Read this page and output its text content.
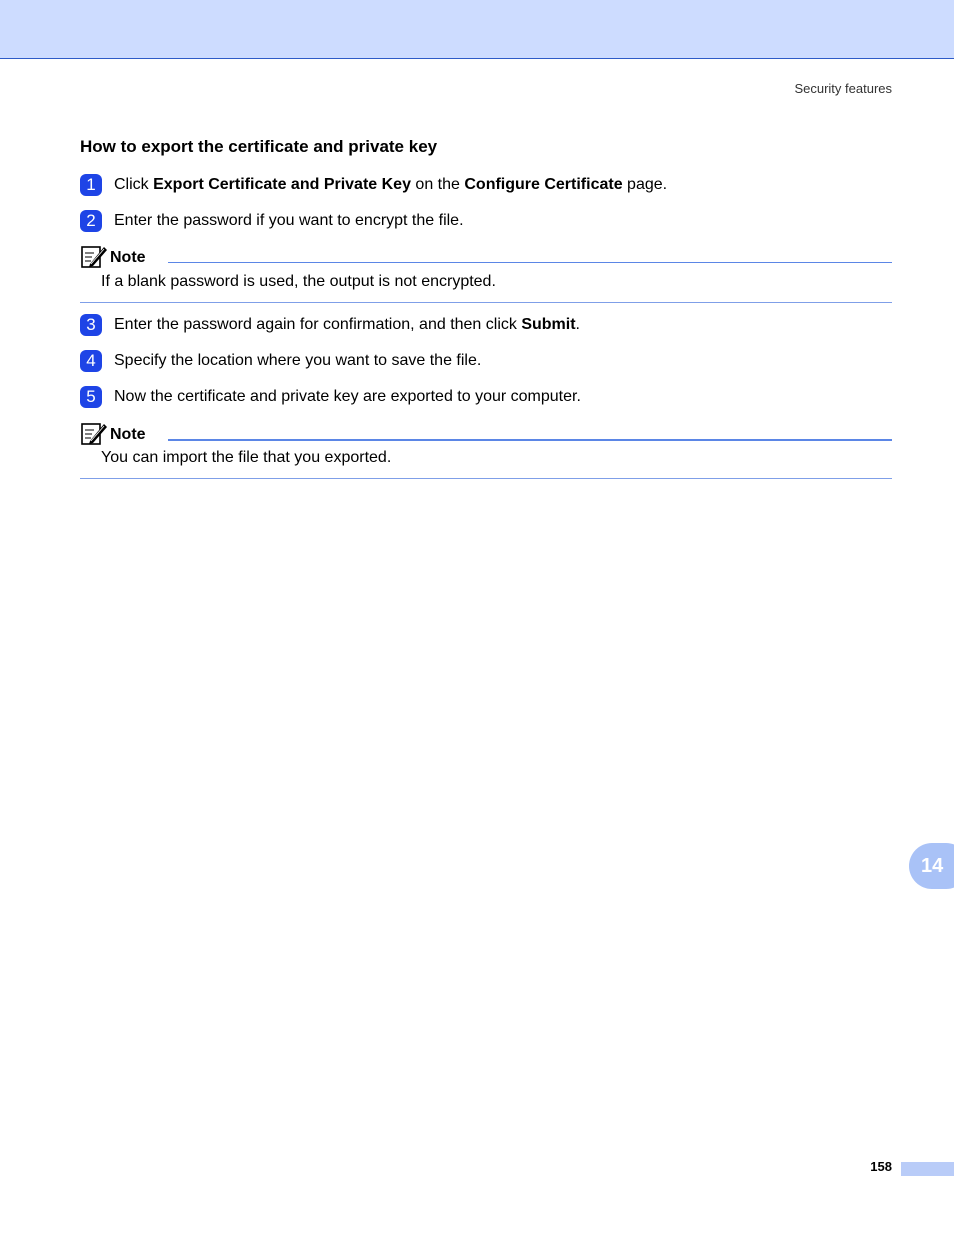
Security features
How to export the certificate and private key
1	Click Export Certificate and Private Key on the Configure Certificate page.
2	Enter the password if you want to encrypt the file.
Note
If a blank password is used, the output is not encrypted.
3	Enter the password again for confirmation, and then click Submit.
4	Specify the location where you want to save the file.
5	Now the certificate and private key are exported to your computer.
Note
You can import the file that you exported.
14
158
